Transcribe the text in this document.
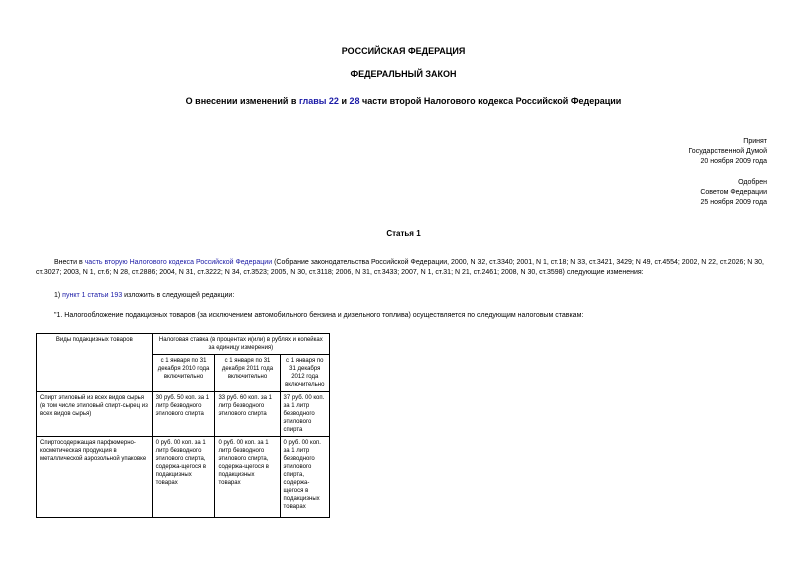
РОССИЙСКАЯ ФЕДЕРАЦИЯ
ФЕДЕРАЛЬНЫЙ ЗАКОН
О внесении изменений в главы 22 и 28 части второй Налогового кодекса Российской Федерации
Принят
Государственной Думой
20 ноября 2009 года
Одобрен
Советом Федерации
25 ноября 2009 года
Статья 1
Внести в часть вторую Налогового кодекса Российской Федерации (Собрание законодательства Российской Федерации, 2000, N 32, ст.3340; 2001, N 1, ст.18; N 33, ст.3421, 3429; N 49, ст.4554; 2002, N 22, ст.2026; N 30, ст.3027; 2003, N 1, ст.6; N 28, ст.2886; 2004, N 31, ст.3222; N 34, ст.3523; 2005, N 30, ст.3118; 2006, N 31, ст.3433; 2007, N 1, ст.31; N 21, ст.2461; 2008, N 30, ст.3598) следующие изменения:
1) пункт 1 статьи 193 изложить в следующей редакции:
"1. Налогообложение подакцизных товаров (за исключением автомобильного бензина и дизельного топлива) осуществляется по следующим налоговым ставкам:
Виды подакцизных товаров	Налоговая ставка (в процентах и(или) в рублях и копейках за единицу измерения)		
	с 1 января по 31 декабря 2010 года включительно	с 1 января по 31 декабря 2011 года включительно	с 1 января по 31 декабря 2012 года включительно
Спирт этиловый из всех видов сырья (в том числе этиловый спирт-сырец из всех видов сырья)	30 руб. 50 коп. за 1 литр безводного этилового спирта	33 руб. 60 коп. за 1 литр безводного этилового спирта	37 руб. 00 коп. за 1 литр безводного этилового спирта
Спиртосодержащая парфюмерно-косметическая продукция в металлической аэрозольной упаковке	0 руб. 00 коп. за 1 литр безводного этилового спирта, содержа-щегося в подакцизных товарах	0 руб. 00 коп. за 1 литр безводного этилового спирта, содержа-щегося в подакцизных товарах	0 руб. 00 коп. за 1 литр безводного этилового спирта, содержа-щегося в подакцизных товарах
